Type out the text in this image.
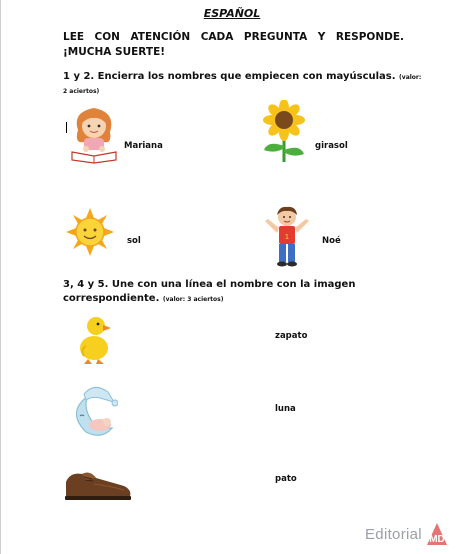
ESPAÑOL
LEE CON ATENCIÓN CADA PREGUNTA Y RESPONDE. ¡MUCHA SUERTE!
1 y 2. Encierra los nombres que empiecen con mayúsculas. (valor: 2 aciertos)
Mariana	girasol
sol	1	Noé
3, 4 y 5. Une con una línea el nombre con la imagen correspondiente. (valor: 3 aciertos)
zapato
luna
pato
Editorial MD
